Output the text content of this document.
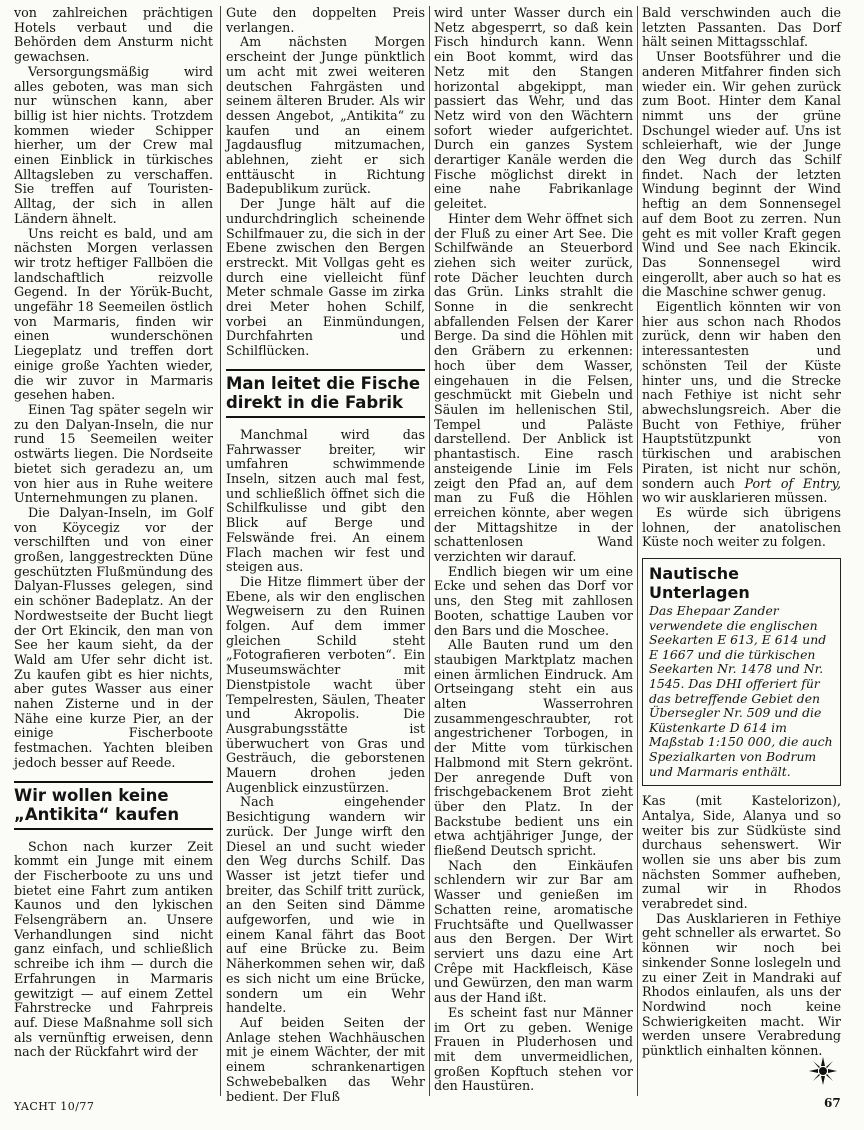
von zahlreichen prächtigen Hotels verbaut und die Behörden dem Ansturm nicht gewachsen.

Versorgungsmäßig wird alles geboten, was man sich nur wünschen kann, aber billig ist hier nichts. Trotzdem kommen wieder Schipper hierher, um der Crew mal einen Einblick in türkisches Alltagsleben zu verschaffen. Sie treffen auf Touristen-Alltag, der sich in allen Ländern ähnelt.

Uns reicht es bald, und am nächsten Morgen verlassen wir trotz heftiger Fallböen die landschaftlich reizvolle Gegend. In der Yörük-Bucht, ungefähr 18 Seemeilen östlich von Marmaris, finden wir einen wunderschönen Liegeplatz und treffen dort einige große Yachten wieder, die wir zuvor in Marmaris gesehen haben.

Einen Tag später segeln wir zu den Dalyan-Inseln, die nur rund 15 Seemeilen weiter ostwärts liegen. Die Nordseite bietet sich geradezu an, um von hier aus in Ruhe weitere Unternehmungen zu planen.

Die Dalyan-Inseln, im Golf von Köycegiz vor der verschilften und von einer großen, langgestreckten Düne geschützten Flußmündung des Dalyan-Flusses gelegen, sind ein schöner Badeplatz. An der Nordwestseite der Bucht liegt der Ort Ekincik, den man von See her kaum sieht, da der Wald am Ufer sehr dicht ist. Zu kaufen gibt es hier nichts, aber gutes Wasser aus einer nahen Zisterne und in der Nähe eine kurze Pier, an der einige Fischerboote festmachen. Yachten bleiben jedoch besser auf Reede.

Wir wollen keine „Antikita“ kaufen

Schon nach kurzer Zeit kommt ein Junge mit einem der Fischerboote zu uns und bietet eine Fahrt zum antiken Kaunos und den lykischen Felsengräbern an. Unsere Verhandlungen sind nicht ganz einfach, und schließlich schreibe ich ihm — durch die Erfahrungen in Marmaris gewitzigt — auf einem Zettel Fahrstrecke und Fahrpreis auf. Diese Maßnahme soll sich als vernünftig erweisen, denn nach der Rückfahrt wird der

Gute den doppelten Preis verlangen.

Am nächsten Morgen erscheint der Junge pünktlich um acht mit zwei weiteren deutschen Fahrgästen und seinem älteren Bruder. Als wir dessen Angebot, „Antikita“ zu kaufen und an einem Jagdausflug mitzumachen, ablehnen, zieht er sich enttäuscht in Richtung Badepublikum zurück.

Der Junge hält auf die undurchdringlich scheinende Schilfmauer zu, die sich in der Ebene zwischen den Bergen erstreckt. Mit Vollgas geht es durch eine vielleicht fünf Meter schmale Gasse im zirka drei Meter hohen Schilf, vorbei an Einmündungen, Durchfahrten und Schilflücken.

Man leitet die Fische direkt in die Fabrik

Manchmal wird das Fahrwasser breiter, wir umfahren schwimmende Inseln, sitzen auch mal fest, und schließlich öffnet sich die Schilfkulisse und gibt den Blick auf Berge und Felswände frei. An einem Flach machen wir fest und steigen aus.

Die Hitze flimmert über der Ebene, als wir den englischen Wegweisern zu den Ruinen folgen. Auf dem immer gleichen Schild steht „Fotografieren verboten“. Ein Museumswächter mit Dienstpistole wacht über Tempelresten, Säulen, Theater und Akropolis. Die Ausgrabungsstätte ist überwuchert von Gras und Gesträuch, die geborstenen Mauern drohen jeden Augenblick einzustürzen.

Nach eingehender Besichtigung wandern wir zurück. Der Junge wirft den Diesel an und sucht wieder den Weg durchs Schilf. Das Wasser ist jetzt tiefer und breiter, das Schilf tritt zurück, an den Seiten sind Dämme aufgeworfen, und wie in einem Kanal fährt das Boot auf eine Brücke zu. Beim Näherkommen sehen wir, daß es sich nicht um eine Brücke, sondern um ein Wehr handelte.

Auf beiden Seiten der Anlage stehen Wachhäuschen mit je einem Wächter, der mit einem schrankenartigen Schwebebalken das Wehr bedient. Der Fluß

wird unter Wasser durch ein Netz abgesperrt, so daß kein Fisch hindurch kann. Wenn ein Boot kommt, wird das Netz mit den Stangen horizontal abgekippt, man passiert das Wehr, und das Netz wird von den Wächtern sofort wieder aufgerichtet. Durch ein ganzes System derartiger Kanäle werden die Fische möglichst direkt in eine nahe Fabrikanlage geleitet.

Hinter dem Wehr öffnet sich der Fluß zu einer Art See. Die Schilfwände an Steuerbord ziehen sich weiter zurück, rote Dächer leuchten durch das Grün. Links strahlt die Sonne in die senkrecht abfallenden Felsen der Karer Berge. Da sind die Höhlen mit den Gräbern zu erkennen: hoch über dem Wasser, eingehauen in die Felsen, geschmückt mit Giebeln und Säulen im hellenischen Stil, Tempel und Paläste darstellend. Der Anblick ist phantastisch. Eine rasch ansteigende Linie im Fels zeigt den Pfad an, auf dem man zu Fuß die Höhlen erreichen könnte, aber wegen der Mittagshitze in der schattenlosen Wand verzichten wir darauf.

Endlich biegen wir um eine Ecke und sehen das Dorf vor uns, den Steg mit zahllosen Booten, schattige Lauben vor den Bars und die Moschee.

Alle Bauten rund um den staubigen Marktplatz machen einen ärmlichen Eindruck. Am Ortseingang steht ein aus alten Wasserrohren zusammengeschraubter, rot angestrichener Torbogen, in der Mitte vom türkischen Halbmond mit Stern gekrönt. Der anregende Duft von frischgebackenem Brot zieht über den Platz. In der Backstube bedient uns ein etwa achtjähriger Junge, der fließend Deutsch spricht.

Nach den Einkäufen schlendern wir zur Bar am Wasser und genießen im Schatten reine, aromatische Fruchtsäfte und Quellwasser aus den Bergen. Der Wirt serviert uns dazu eine Art Crêpe mit Hackfleisch, Käse und Gewürzen, den man warm aus der Hand ißt.

Es scheint fast nur Männer im Ort zu geben. Wenige Frauen in Pluderhosen und mit dem unvermeidlichen, großen Kopftuch stehen vor den Haustüren.

Bald verschwinden auch die letzten Passanten. Das Dorf hält seinen Mittagsschlaf.

Unser Bootsführer und die anderen Mitfahrer finden sich wieder ein. Wir gehen zurück zum Boot. Hinter dem Kanal nimmt uns der grüne Dschungel wieder auf. Uns ist schleierhaft, wie der Junge den Weg durch das Schilf findet. Nach der letzten Windung beginnt der Wind heftig an dem Sonnensegel auf dem Boot zu zerren. Nun geht es mit voller Kraft gegen Wind und See nach Ekincik. Das Sonnensegel wird eingerollt, aber auch so hat es die Maschine schwer genug.

Eigentlich könnten wir von hier aus schon nach Rhodos zurück, denn wir haben den interessantesten und schönsten Teil der Küste hinter uns, und die Strecke nach Fethiye ist nicht sehr abwechslungsreich. Aber die Bucht von Fethiye, früher Hauptstützpunkt von türkischen und arabischen Piraten, ist nicht nur schön, sondern auch Port of Entry, wo wir ausklarieren müssen.

Es würde sich übrigens lohnen, der anatolischen Küste noch weiter zu folgen.

Nautische Unterlagen

Das Ehepaar Zander verwendete die englischen Seekarten E 613, E 614 und E 1667 und die türkischen Seekarten Nr. 1478 und Nr. 1545. Das DHI offeriert für das betreffende Gebiet den Übersegler Nr. 509 und die Küstenkarte D 614 im Maßstab 1:150 000, die auch Spezialkarten von Bodrum und Marmaris enthält.

Kas (mit Kastelorizon), Antalya, Side, Alanya und so weiter bis zur Südküste sind durchaus sehenswert. Wir wollen sie uns aber bis zum nächsten Sommer aufheben, zumal wir in Rhodos verabredet sind.

Das Ausklarieren in Fethiye geht schneller als erwartet. So können wir noch bei sinkender Sonne loslegeln und zu einer Zeit in Mandraki auf Rhodos einlaufen, als uns der Nordwind noch keine Schwierigkeiten macht. Wir werden unsere Verabredung pünktlich einhalten können.

YACHT 10/77	67
